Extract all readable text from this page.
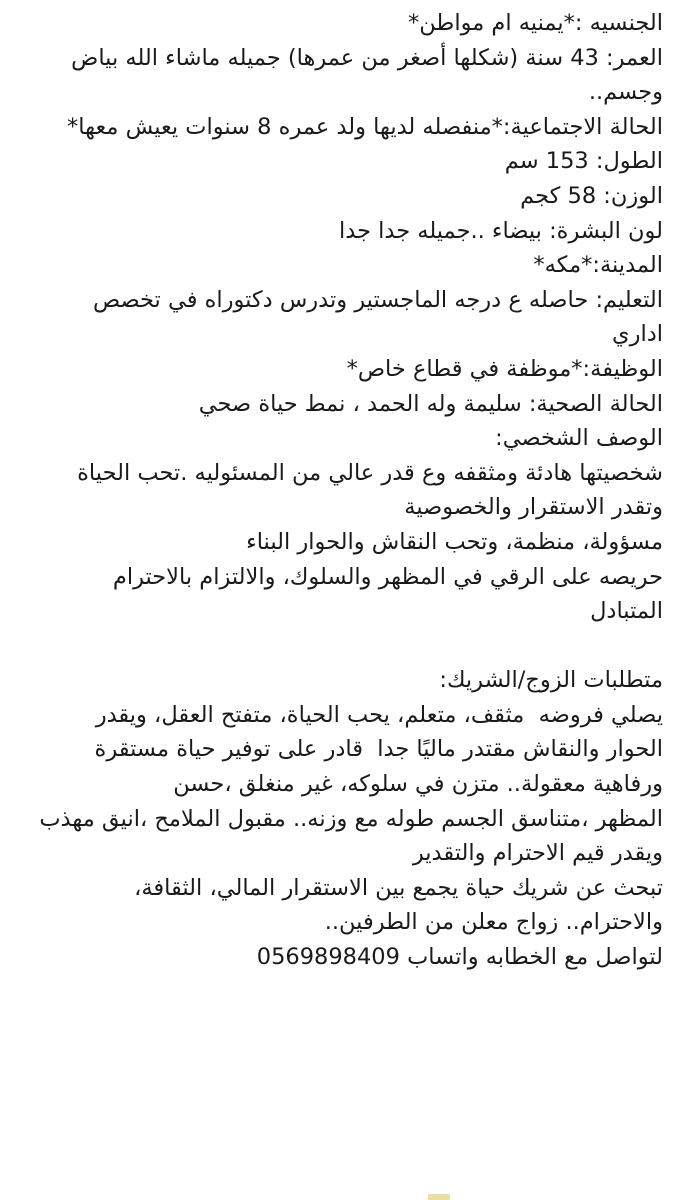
الجنسيه :*يمنيه ام مواطن*

العمر: 43 سنة (شكلها أصغر من عمرها) جميله ماشاء الله بياض

وجسم..

الحالة الاجتماعية:*منفصله لديها ولد عمره 8 سنوات يعيش معها*

الطول: 153 سم

الوزن: 58 كجم

لون البشرة: بيضاء ..جميله جدا جدا

المدينة:*مكه*

التعليم: حاصله ع درجه الماجستير وتدرس دكتوراه في تخصص

اداري

الوظيفة:*موظفة في قطاع خاص*

الحالة الصحية: سليمة وله الحمد ، نمط حياة صحي

الوصف الشخصي:

شخصيتها هادئة ومثقفه وع قدر عالي من المسئوليه .تحب الحياة

وتقدر الاستقرار والخصوصية

مسؤولة، منظمة، وتحب النقاش والحوار البناء

حريصه على الرقي في المظهر والسلوك، والالتزام بالاحترام

المتبادل

متطلبات الزوج/الشريك:

يصلي فروضه  مثقف، متعلم، يحب الحياة، متفتح العقل، ويقدر

الحوار والنقاش مقتدر ماليًا جدا  قادر على توفير حياة مستقرة

ورفاهية معقولة.. متزن في سلوكه، غير منغلق ،حسن

المظهر ،متناسق الجسم طوله مع وزنه.. مقبول الملامح ،انيق مهذب

ويقدر قيم الاحترام والتقدير

تبحث عن شريك حياة يجمع بين الاستقرار المالي، الثقافة،

والاحترام.. زواج معلن من الطرفين..

لتواصل مع الخطابه واتساب 0569898409
